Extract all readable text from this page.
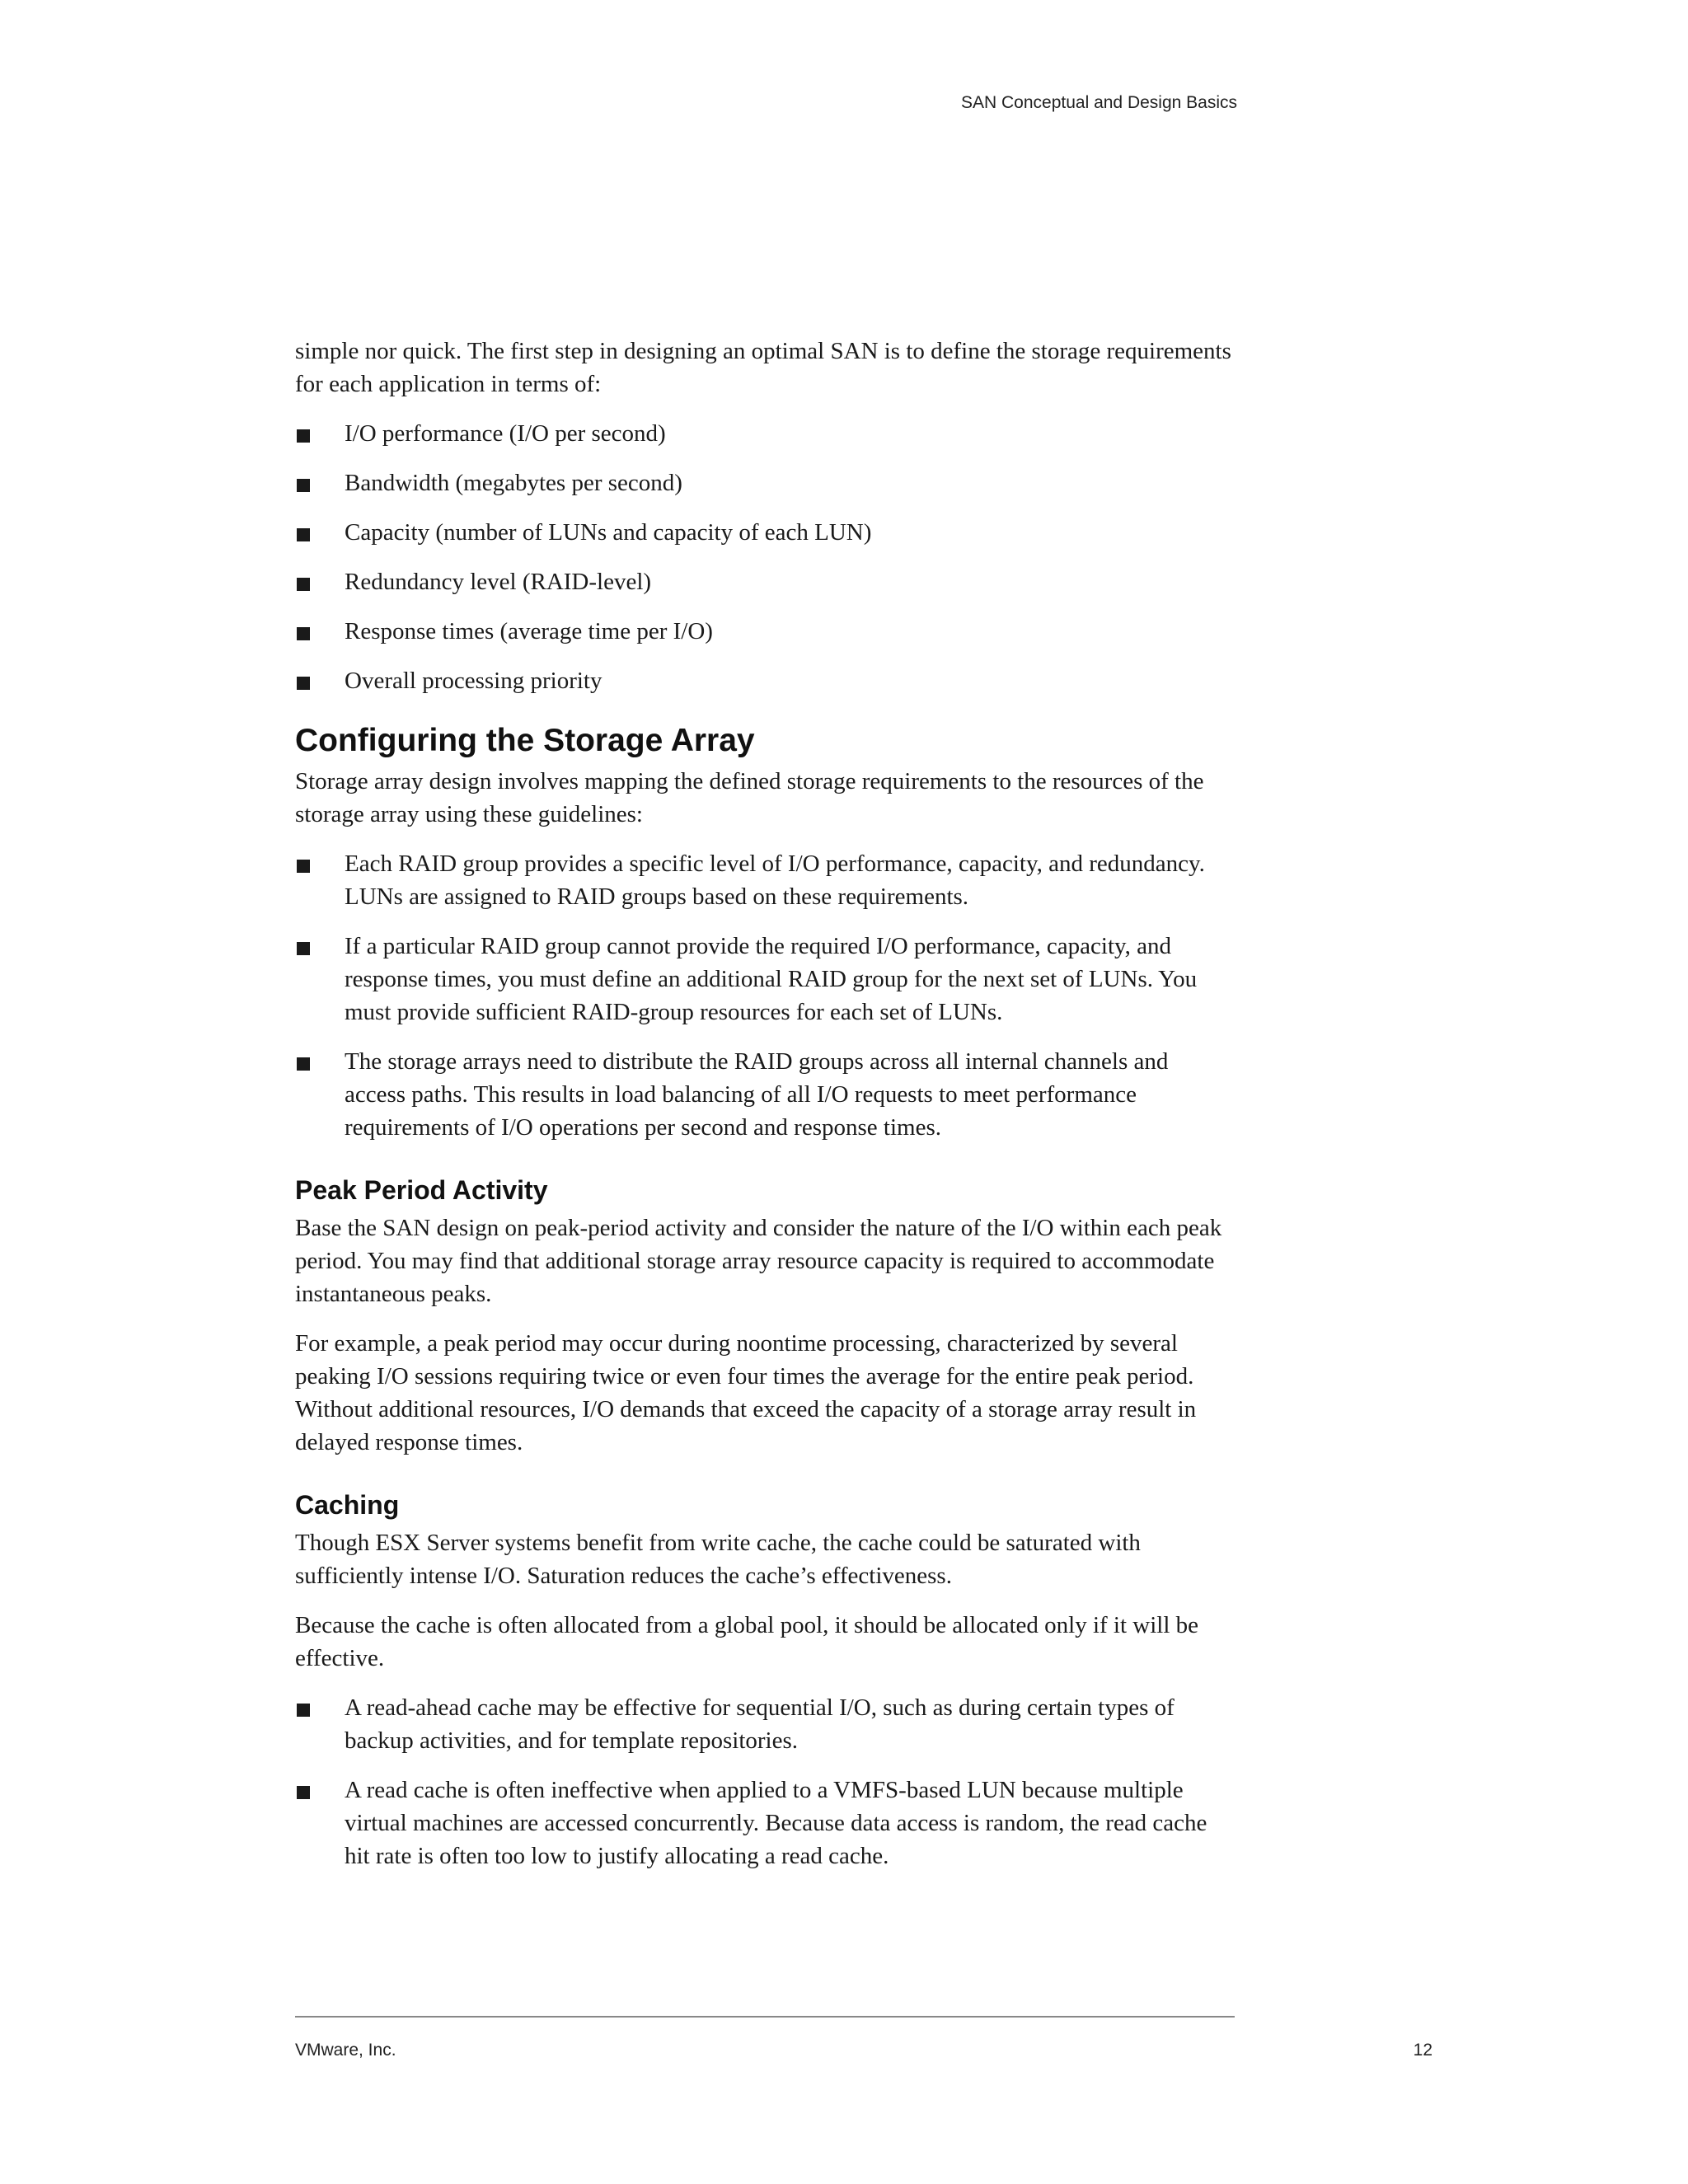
SAN Conceptual and Design Basics

simple nor quick. The first step in designing an optimal SAN is to define the storage requirements for each application in terms of:

I/O performance (I/O per second)
Bandwidth (megabytes per second)
Capacity (number of LUNs and capacity of each LUN)
Redundancy level (RAID-level)
Response times (average time per I/O)
Overall processing priority
Configuring the Storage Array

Storage array design involves mapping the defined storage requirements to the resources of the storage array using these guidelines:

Each RAID group provides a specific level of I/O performance, capacity, and redundancy. LUNs are assigned to RAID groups based on these requirements.
If a particular RAID group cannot provide the required I/O performance, capacity, and response times, you must define an additional RAID group for the next set of LUNs. You must provide sufficient RAID-group resources for each set of LUNs.
The storage arrays need to distribute the RAID groups across all internal channels and access paths. This results in load balancing of all I/O requests to meet performance requirements of I/O operations per second and response times.
Peak Period Activity

Base the SAN design on peak-period activity and consider the nature of the I/O within each peak period. You may find that additional storage array resource capacity is required to accommodate instantaneous peaks.

For example, a peak period may occur during noontime processing, characterized by several peaking I/O sessions requiring twice or even four times the average for the entire peak period. Without additional resources, I/O demands that exceed the capacity of a storage array result in delayed response times.

Caching

Though ESX Server systems benefit from write cache, the cache could be saturated with sufficiently intense I/O. Saturation reduces the cache’s effectiveness.

Because the cache is often allocated from a global pool, it should be allocated only if it will be effective.

A read-ahead cache may be effective for sequential I/O, such as during certain types of backup activities, and for template repositories.
A read cache is often ineffective when applied to a VMFS-based LUN because multiple virtual machines are accessed concurrently. Because data access is random, the read cache hit rate is often too low to justify allocating a read cache.
VMware, Inc.	12
